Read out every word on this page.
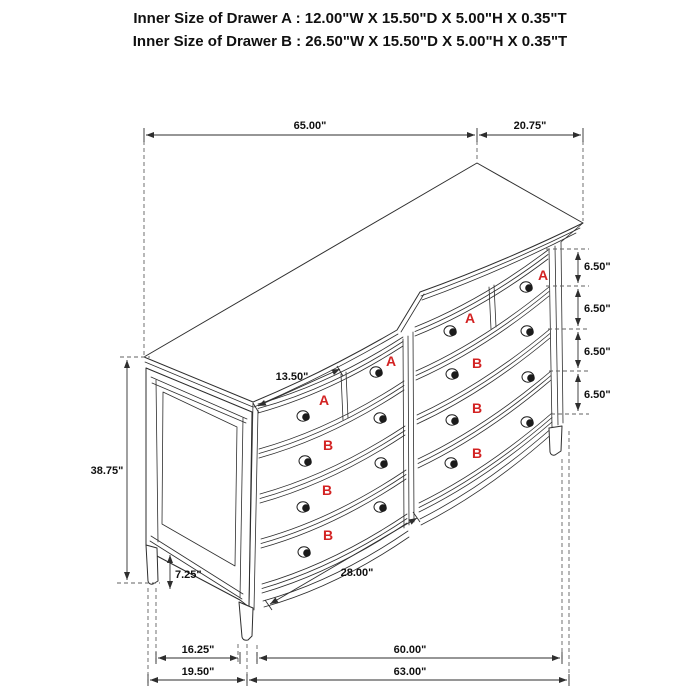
Inner Size of Drawer A : 12.00"W X 15.50"D X 5.00"H X 0.35"T
Inner Size of Drawer B : 26.50"W X 15.50"D X 5.00"H X 0.35"T
A
A
A
A
B
B
B
B
B
B
65.00"	20.75"
6.50"
6.50"
6.50"
6.50"
13.50"
28.00"
38.75"
7.25"
16.25"	60.00"
19.50"	63.00"
